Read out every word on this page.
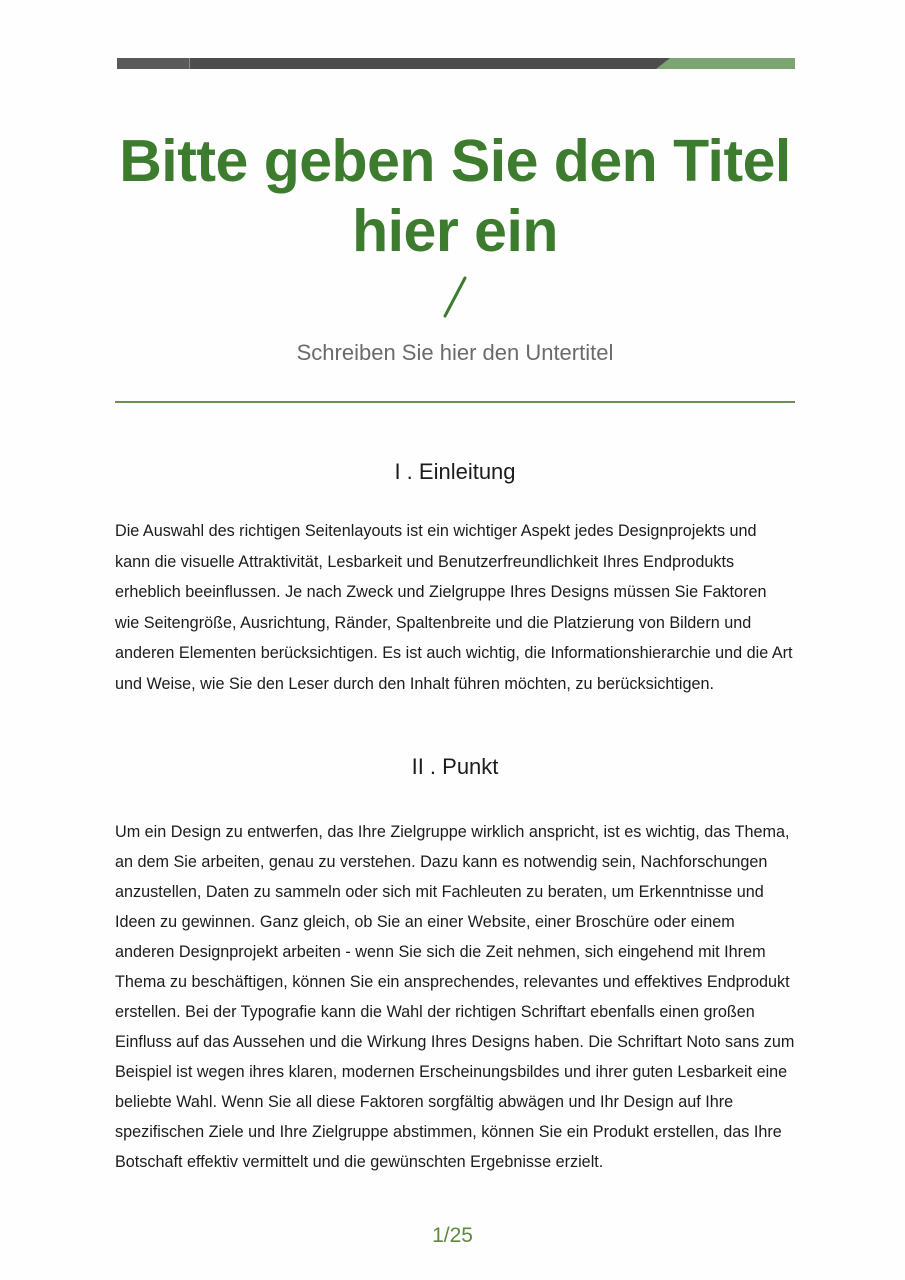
Bitte geben Sie den Titel hier ein
Schreiben Sie hier den Untertitel
I . Einleitung
Die Auswahl des richtigen Seitenlayouts ist ein wichtiger Aspekt jedes Designprojekts und kann die visuelle Attraktivität, Lesbarkeit und Benutzerfreundlichkeit Ihres Endprodukts erheblich beeinflussen. Je nach Zweck und Zielgruppe Ihres Designs müssen Sie Faktoren wie Seitengröße, Ausrichtung, Ränder, Spaltenbreite und die Platzierung von Bildern und anderen Elementen berücksichtigen. Es ist auch wichtig, die Informationshierarchie und die Art und Weise, wie Sie den Leser durch den Inhalt führen möchten, zu berücksichtigen.
II . Punkt
Um ein Design zu entwerfen, das Ihre Zielgruppe wirklich anspricht, ist es wichtig, das Thema, an dem Sie arbeiten, genau zu verstehen. Dazu kann es notwendig sein, Nachforschungen anzustellen, Daten zu sammeln oder sich mit Fachleuten zu beraten, um Erkenntnisse und Ideen zu gewinnen. Ganz gleich, ob Sie an einer Website, einer Broschüre oder einem anderen Designprojekt arbeiten - wenn Sie sich die Zeit nehmen, sich eingehend mit Ihrem Thema zu beschäftigen, können Sie ein ansprechendes, relevantes und effektives Endprodukt erstellen. Bei der Typografie kann die Wahl der richtigen Schriftart ebenfalls einen großen Einfluss auf das Aussehen und die Wirkung Ihres Designs haben. Die Schriftart Noto sans zum Beispiel ist wegen ihres klaren, modernen Erscheinungsbildes und ihrer guten Lesbarkeit eine beliebte Wahl. Wenn Sie all diese Faktoren sorgfältig abwägen und Ihr Design auf Ihre spezifischen Ziele und Ihre Zielgruppe abstimmen, können Sie ein Produkt erstellen, das Ihre Botschaft effektiv vermittelt und die gewünschten Ergebnisse erzielt.
1/25
